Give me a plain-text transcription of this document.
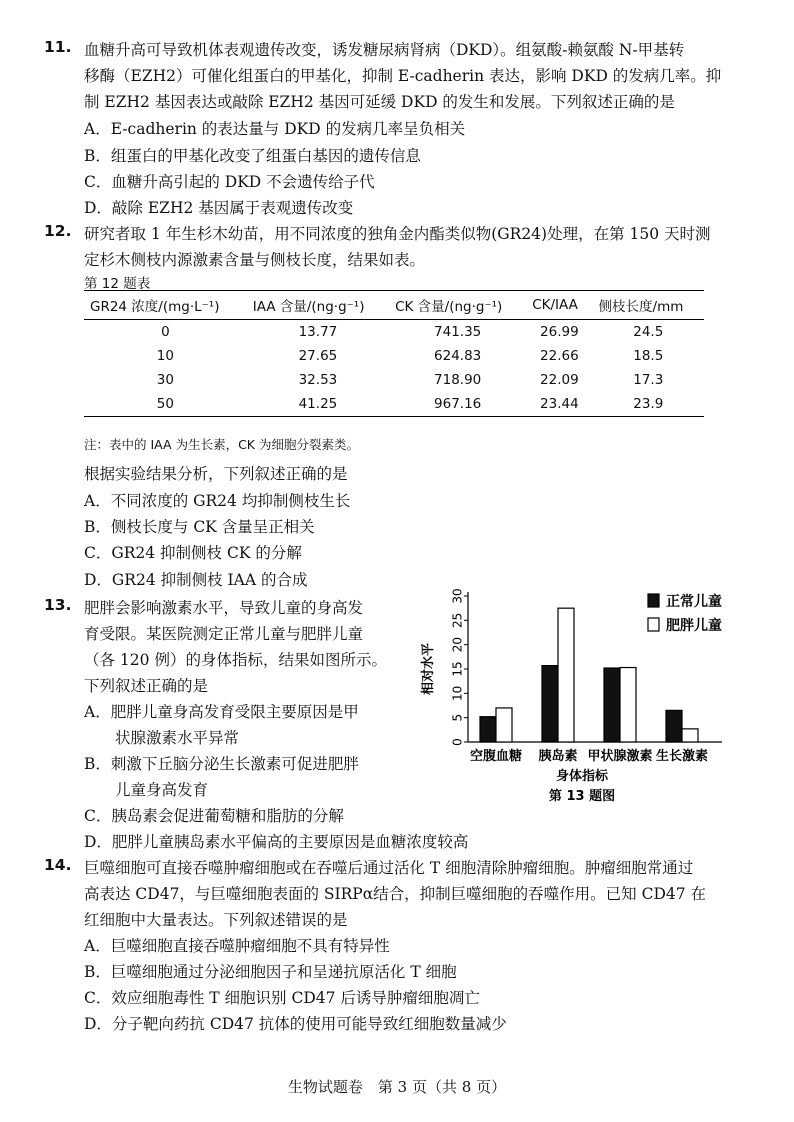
11. 血糖升高可导致机体表观遗传改变，诱发糖尿病肾病（DKD）。组氨酸-赖氨酸 N-甲基转
移酶（EZH2）可催化组蛋白的甲基化，抑制 E-cadherin 表达，影响 DKD 的发病几率。抑
制 EZH2 基因表达或敲除 EZH2 基因可延缓 DKD 的发生和发展。下列叙述正确的是
A．E-cadherin 的表达量与 DKD 的发病几率呈负相关
B．组蛋白的甲基化改变了组蛋白基因的遗传信息
C．血糖升高引起的 DKD 不会遗传给子代
D．敲除 EZH2 基因属于表观遗传改变
12. 研究者取 1 年生杉木幼苗，用不同浓度的独角金内酯类似物(GR24)处理，在第 150 天时测
定杉木侧枝内源激素含量与侧枝长度，结果如表。
第 12 题表
GR24 浓度/(mg·L⁻¹)	IAA 含量/(ng·g⁻¹)	CK 含量/(ng·g⁻¹)	CK/IAA	侧枝长度/mm
0	13.77	741.35	26.99	24.5
10	27.65	624.83	22.66	18.5
30	32.53	718.90	22.09	17.3
50	41.25	967.16	23.44	23.9
注：表中的 IAA 为生长素，CK 为细胞分裂素类。
根据实验结果分析，下列叙述正确的是
A．不同浓度的 GR24 均抑制侧枝生长
B．侧枝长度与 CK 含量呈正相关
C．GR24 抑制侧枝 CK 的分解
D．GR24 抑制侧枝 IAA 的合成
13. 肥胖会影响激素水平，导致儿童的身高发
育受限。某医院测定正常儿童与肥胖儿童
（各 120 例）的身体指标，结果如图所示。
下列叙述正确的是
A．肥胖儿童身高发育受限主要原因是甲
　　状腺激素水平异常
B．刺激下丘脑分泌生长激素可促进肥胖
　　儿童身高发育
C．胰岛素会促进葡萄糖和脂肪的分解
D．肥胖儿童胰岛素水平偏高的主要原因是血糖浓度较高
0
5
10
15
20
25
30
相对水平
空腹血糖 胰岛素 甲状腺激素 生长激素
身体指标
第 13 题图
正常儿童
肥胖儿童
14. 巨噬细胞可直接吞噬肿瘤细胞或在吞噬后通过活化 T 细胞清除肿瘤细胞。肿瘤细胞常通过
高表达 CD47，与巨噬细胞表面的 SIRPα结合，抑制巨噬细胞的吞噬作用。已知 CD47 在
红细胞中大量表达。下列叙述错误的是
A．巨噬细胞直接吞噬肿瘤细胞不具有特异性
B．巨噬细胞通过分泌细胞因子和呈递抗原活化 T 细胞
C．效应细胞毒性 T 细胞识别 CD47 后诱导肿瘤细胞凋亡
D．分子靶向药抗 CD47 抗体的使用可能导致红细胞数量减少
生物试题卷　第 3 页（共 8 页）
